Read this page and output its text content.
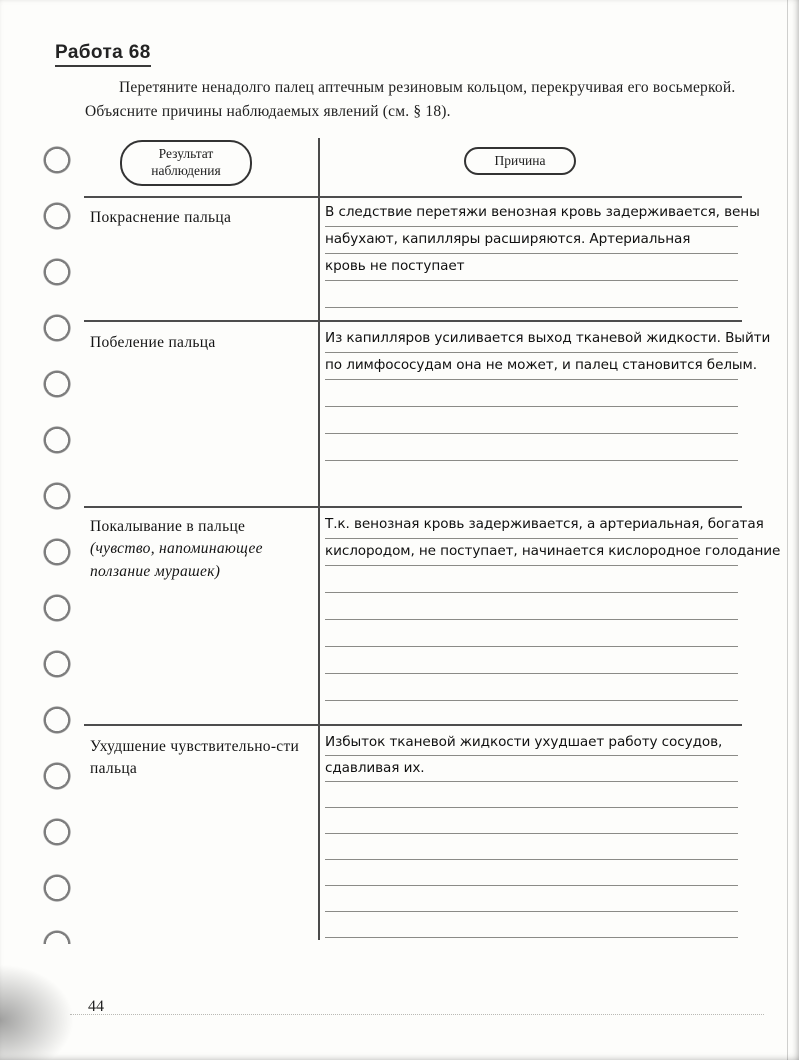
Работа 68

Перетяните ненадолго палец аптечным резиновым кольцом, перекручивая его восьмеркой. Объясните причины наблюдаемых явлений (см. § 18).

Результат наблюдения
Причина
Покраснение пальца	В следствие перетяжи венозная кровь задерживается, вены
набухают, капилляры расширяются. Артериальная
кровь не поступает
Побеление пальца	Из капилляров усиливается выход тканевой жидкости. Выйти
по лимфососудам она не может, и палец становится белым.
Покалывание в пальце
(чувство, напоминающее ползание мурашек)
Т.к. венозная кровь задерживается, а артериальная, богатая
кислородом, не поступает, начинается кислородное голодание
Ухудшение чувствительно-сти пальца
Избыток тканевой жидкости ухудшает работу сосудов,
сдавливая их.
44
